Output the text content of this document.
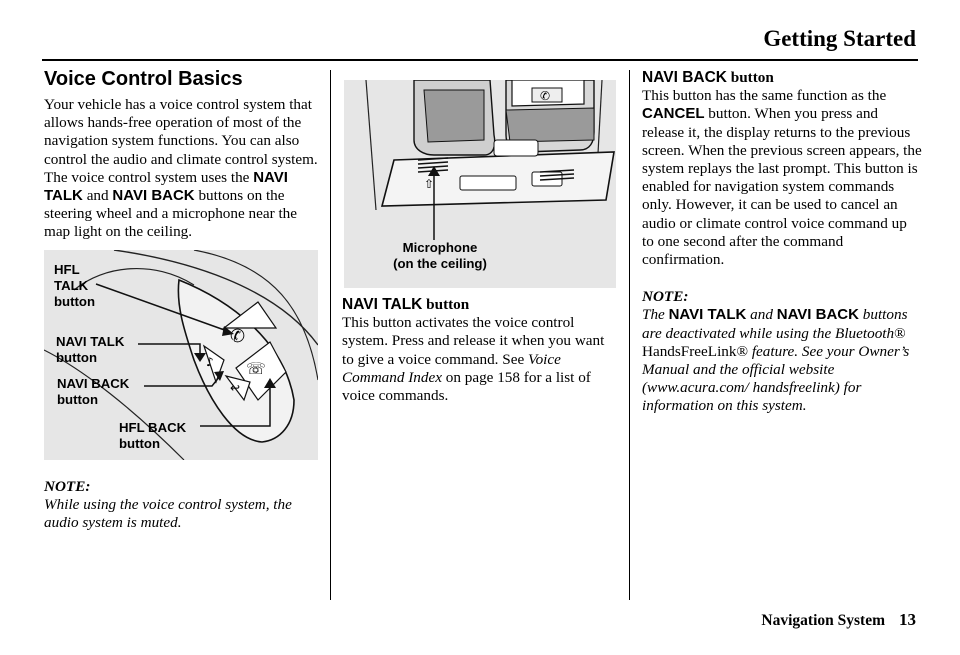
Getting Started
Voice Control Basics

Your vehicle has a voice control system that allows hands-free operation of most of the navigation system functions. You can also control the audio and climate control system. The voice control system uses the NAVI TALK and NAVI BACK buttons on the steering wheel and a microphone near the map light on the ceiling.

NOTE:

While using the voice control system, the audio system is muted.

✆
☏
♪
↩
HFL
TALK
button
NAVI TALK
button
NAVI BACK
button
HFL BACK
button
✆
⇧
Microphone
(on the ceiling)

NAVI TALK button

This button activates the voice control system. Press and release it when you want to give a voice command. See Voice Command Index on page 158 for a list of voice commands.

NAVI BACK button

This button has the same function as the CANCEL button. When you press and release it, the display returns to the previous screen. When the previous screen appears, the system replays the last prompt. This button is enabled for navigation system commands only. However, it can be used to cancel an audio or climate control voice command up to one second after the command confirmation.

NOTE:

The NAVI TALK and NAVI BACK buttons are deactivated while using the Bluetooth® HandsFreeLink® feature. See your Owner’s Manual and the official website (www.acura.com/ handsfreelink) for information on this system.

Navigation System 13
